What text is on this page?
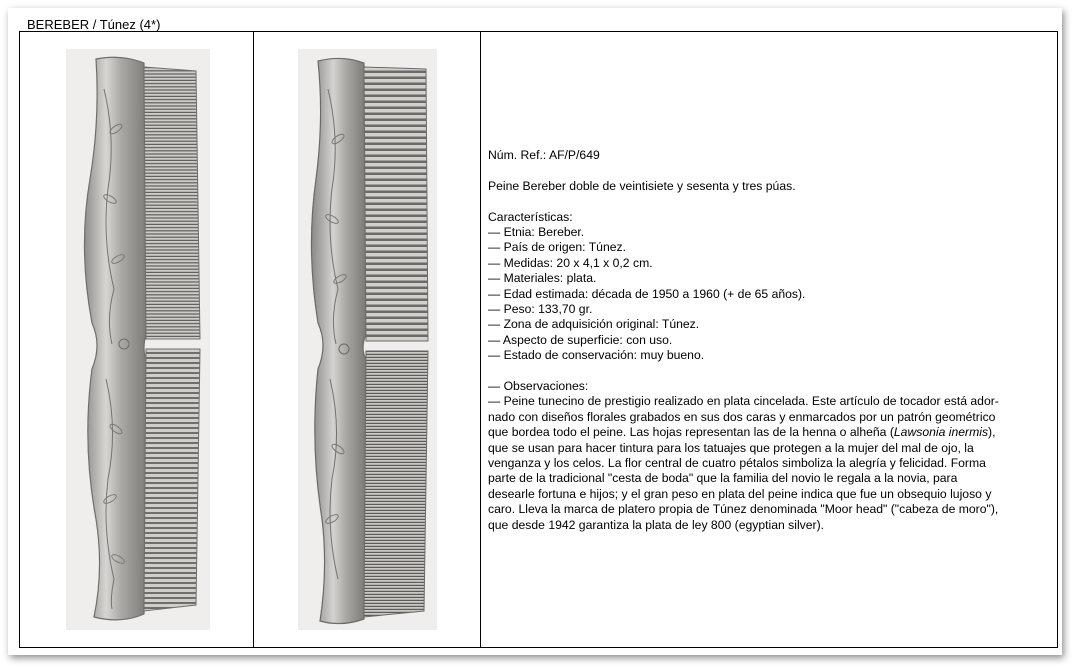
BEREBER / Túnez (4*)

Núm. Ref.: AF/P/649

Peine Bereber doble de veintisiete y sesenta y tres púas.

Características:

— Etnia: Bereber.

— País de origen: Túnez.

— Medidas: 20 x 4,1 x 0,2 cm.

— Materiales: plata.

— Edad estimada: década de 1950 a 1960 (+ de 65 años).

— Peso: 133,70 gr.

— Zona de adquisición original: Túnez.

— Aspecto de superficie: con uso.

— Estado de conservación: muy bueno.

— Observaciones:

— Peine tunecino de prestigio realizado en plata cincelada. Este artículo de tocador está ador-

nado con diseños florales grabados en sus dos caras y enmarcados por un patrón geométrico

que bordea todo el peine. Las hojas representan las de la henna o alheña (Lawsonia inermis),

que se usan para hacer tintura para los tatuajes que protegen a la mujer del mal de ojo, la

venganza y los celos. La flor central de cuatro pétalos simboliza la alegría y felicidad. Forma

parte de la tradicional "cesta de boda" que la familia del novio le regala a la novia, para

desearle fortuna e hijos; y el gran peso en plata del peine indica que fue un obsequio lujoso y

caro. Lleva la marca de platero propia de Túnez denominada "Moor head" ("cabeza de moro"),

que desde 1942 garantiza la plata de ley 800 (egyptian silver).
